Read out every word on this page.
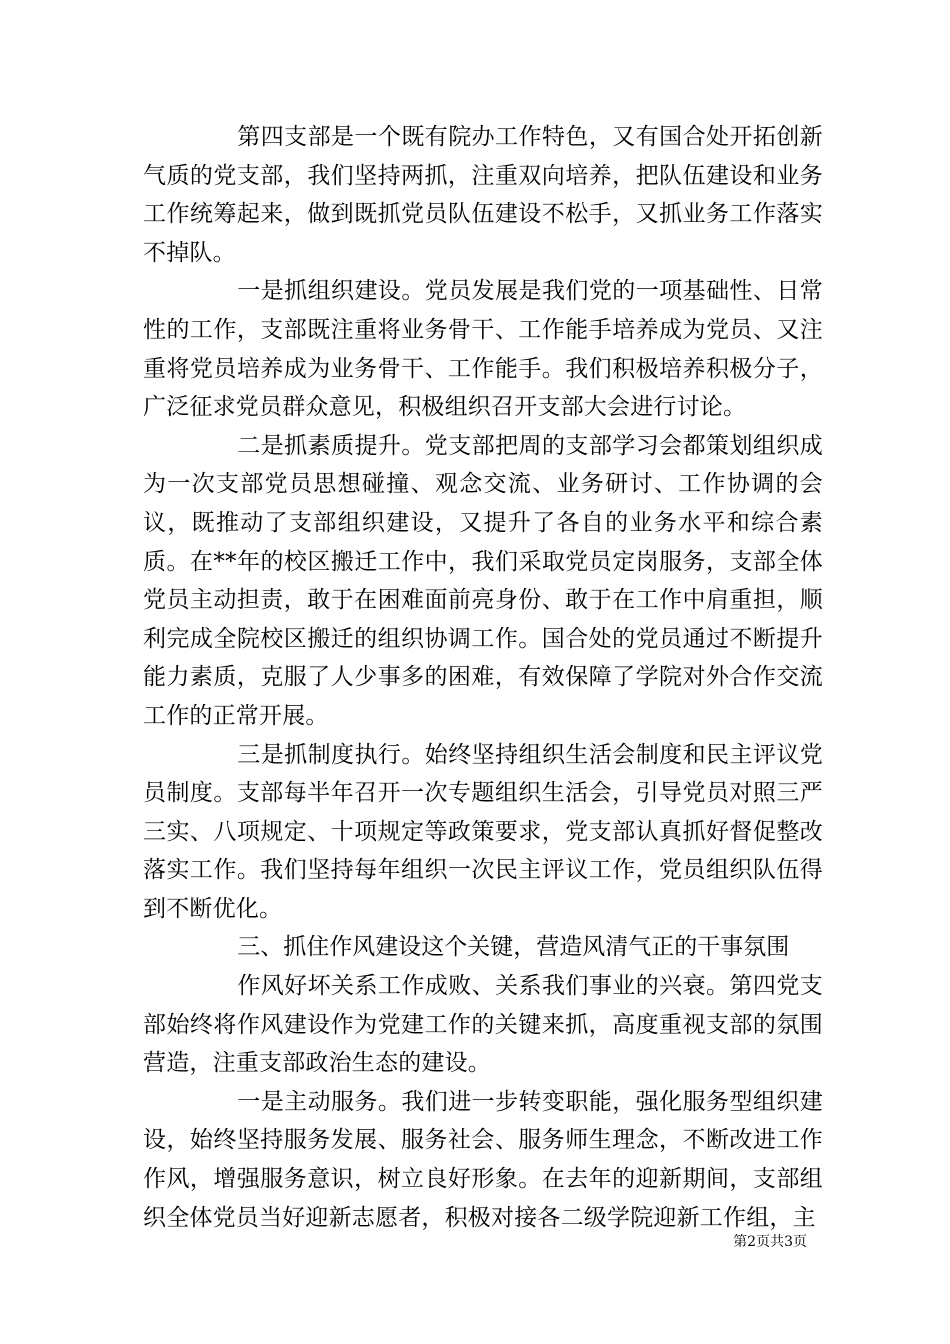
第四支部是一个既有院办工作特色，又有国合处开拓创新气质的党支部，我们坚持两抓，注重双向培养，把队伍建设和业务工作统筹起来，做到既抓党员队伍建设不松手，又抓业务工作落实不掉队。

一是抓组织建设。党员发展是我们党的一项基础性、日常性的工作，支部既注重将业务骨干、工作能手培养成为党员、又注重将党员培养成为业务骨干、工作能手。我们积极培养积极分子，广泛征求党员群众意见，积极组织召开支部大会进行讨论。

二是抓素质提升。党支部把周的支部学习会都策划组织成为一次支部党员思想碰撞、观念交流、业务研讨、工作协调的会议，既推动了支部组织建设，又提升了各自的业务水平和综合素质。在**年的校区搬迁工作中，我们采取党员定岗服务，支部全体党员主动担责，敢于在困难面前亮身份、敢于在工作中肩重担，顺利完成全院校区搬迁的组织协调工作。国合处的党员通过不断提升能力素质，克服了人少事多的困难，有效保障了学院对外合作交流工作的正常开展。

三是抓制度执行。始终坚持组织生活会制度和民主评议党员制度。支部每半年召开一次专题组织生活会，引导党员对照三严三实、八项规定、十项规定等政策要求，党支部认真抓好督促整改落实工作。我们坚持每年组织一次民主评议工作，党员组织队伍得到不断优化。

三、抓住作风建设这个关键，营造风清气正的干事氛围

作风好坏关系工作成败、关系我们事业的兴衰。第四党支部始终将作风建设作为党建工作的关键来抓，高度重视支部的氛围营造，注重支部政治生态的建设。

一是主动服务。我们进一步转变职能，强化服务型组织建设，始终坚持服务发展、服务社会、服务师生理念，不断改进工作作风，增强服务意识，树立良好形象。在去年的迎新期间，支部组织全体党员当好迎新志愿者，积极对接各二级学院迎新工作组，主

第2页共3页
